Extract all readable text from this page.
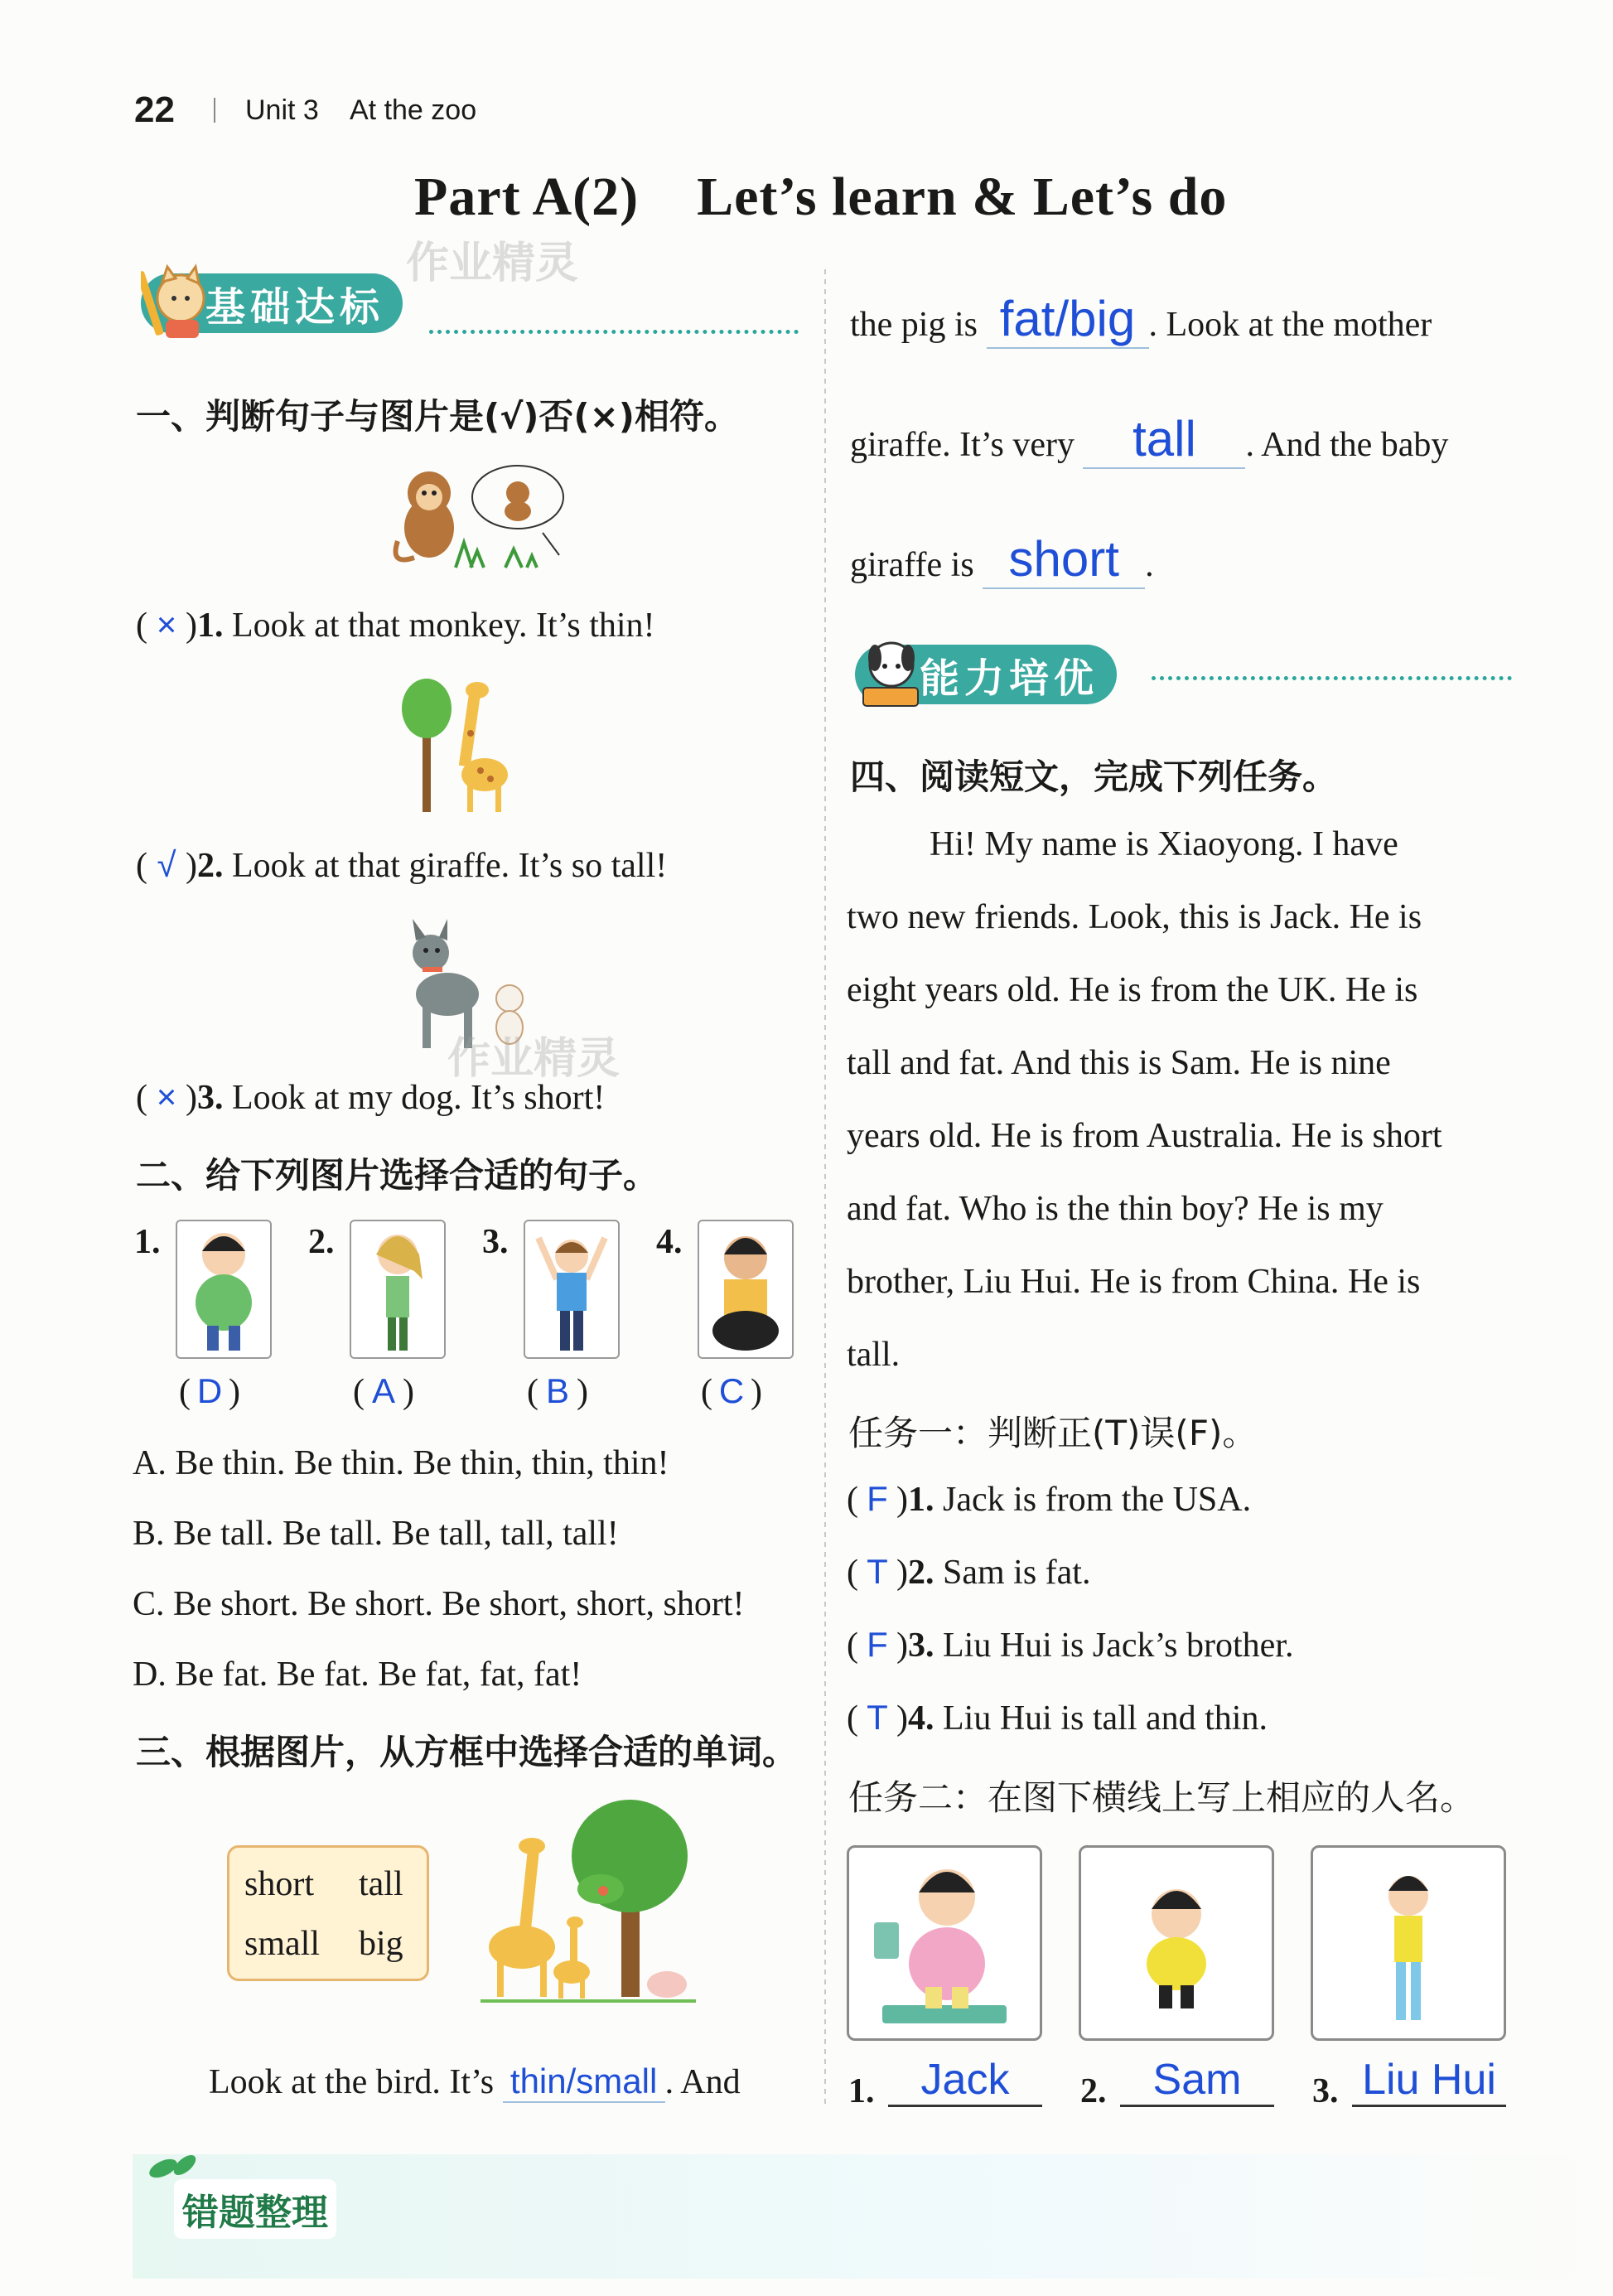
22	Unit 3 At the zoo
Part A(2) Let’s learn & Let’s do
基础达标
作业精灵
一、判断句子与图片是(√)否(×)相符。
( × )1. Look at that monkey. It’s thin!
( √ )2. Look at that giraffe. It’s so tall!
作业精灵
( × )3. Look at my dog. It’s short!
二、给下列图片选择合适的句子。
1.	2.	3.	4.
( D )	( A )	( B )	( C )
A. Be thin. Be thin. Be thin, thin, thin!
B. Be tall. Be tall. Be tall, tall, tall!
C. Be short. Be short. Be short, short, short!
D. Be fat. Be fat. Be fat, fat, fat!
三、根据图片，从方框中选择合适的单词。
short tall
small big
Look at the bird. It’s thin/small . And
the pig is fat/big . Look at the mother
giraffe. It’s very tall . And the baby
giraffe is short .
能力培优
四、阅读短文，完成下列任务。
Hi! My name is Xiaoyong. I have
two new friends. Look, this is Jack. He is
eight years old. He is from the UK. He is
tall and fat. And this is Sam. He is nine
years old. He is from Australia. He is short
and fat. Who is the thin boy? He is my
brother, Liu Hui. He is from China. He is
tall.
任务一：判断正(T)误(F)。
( F )1. Jack is from the USA.
( T )2. Sam is fat.
( F )3. Liu Hui is Jack’s brother.
( T )4. Liu Hui is tall and thin.
任务二：在图下横线上写上相应的人名。
1.	Jack	2.	Sam	3. Liu Hui
错题整理
